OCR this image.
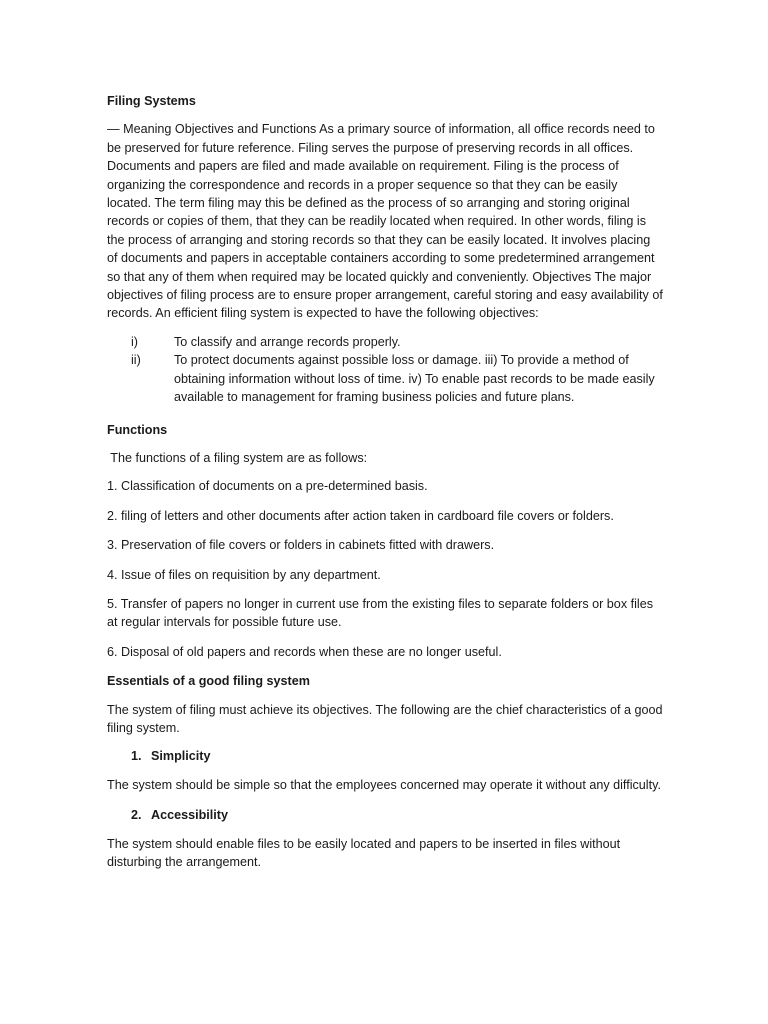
Filing Systems
— Meaning Objectives and Functions As a primary source of information, all office records need to be preserved for future reference. Filing serves the purpose of preserving records in all offices. Documents and papers are filed and made available on requirement. Filing is the process of organizing the correspondence and records in a proper sequence so that they can be easily located. The term filing may this be defined as the process of so arranging and storing original records or copies of them, that they can be readily located when required. In other words, filing is the process of arranging and storing records so that they can be easily located. It involves placing of documents and papers in acceptable containers according to some predetermined arrangement so that any of them when required may be located quickly and conveniently. Objectives The major objectives of filing process are to ensure proper arrangement, careful storing and easy availability of records. An efficient filing system is expected to have the following objectives:
i)	To classify and arrange records properly.
ii)	To protect documents against possible loss or damage. iii) To provide a method of obtaining information without loss of time. iv) To enable past records to be made easily available to management for framing business policies and future plans.
Functions
The functions of a filing system are as follows:
1. Classification of documents on a pre-determined basis.
2. filing of letters and other documents after action taken in cardboard file covers or folders.
3. Preservation of file covers or folders in cabinets fitted with drawers.
4. Issue of files on requisition by any department.
5. Transfer of papers no longer in current use from the existing files to separate folders or box files at regular intervals for possible future use.
6. Disposal of old papers and records when these are no longer useful.
Essentials of a good filing system
The system of filing must achieve its objectives. The following are the chief characteristics of a good filing system.
1. Simplicity
The system should be simple so that the employees concerned may operate it without any difficulty.
2. Accessibility
The system should enable files to be easily located and papers to be inserted in files without disturbing the arrangement.
